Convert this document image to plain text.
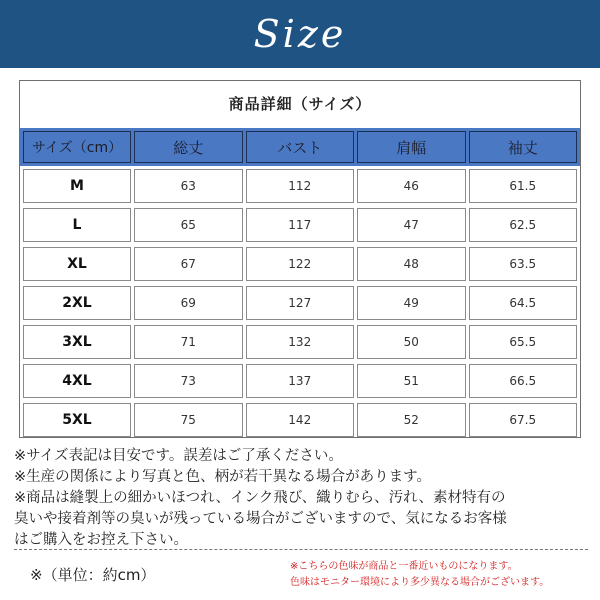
Size
商品詳細（サイズ）
サイズ（cm）	総丈	バスト	肩幅	袖丈
M	63	112	46	61.5
L	65	117	47	62.5
XL	67	122	48	63.5
2XL	69	127	49	64.5
3XL	71	132	50	65.5
4XL	73	137	51	66.5
5XL	75	142	52	67.5

※サイズ表記は目安です。誤差はご了承ください。

※生産の関係により写真と色、柄が若干異なる場合があります。

※商品は縫製上の細かいほつれ、インク飛び、織りむら、汚れ、素材特有の

臭いや接着剤等の臭いが残っている場合がございますので、気になるお客様

はご購入をお控え下さい。

※（単位：約cm）	※こちらの色味が商品と一番近いものになります。

色味はモニター環境により多少異なる場合がございます。
